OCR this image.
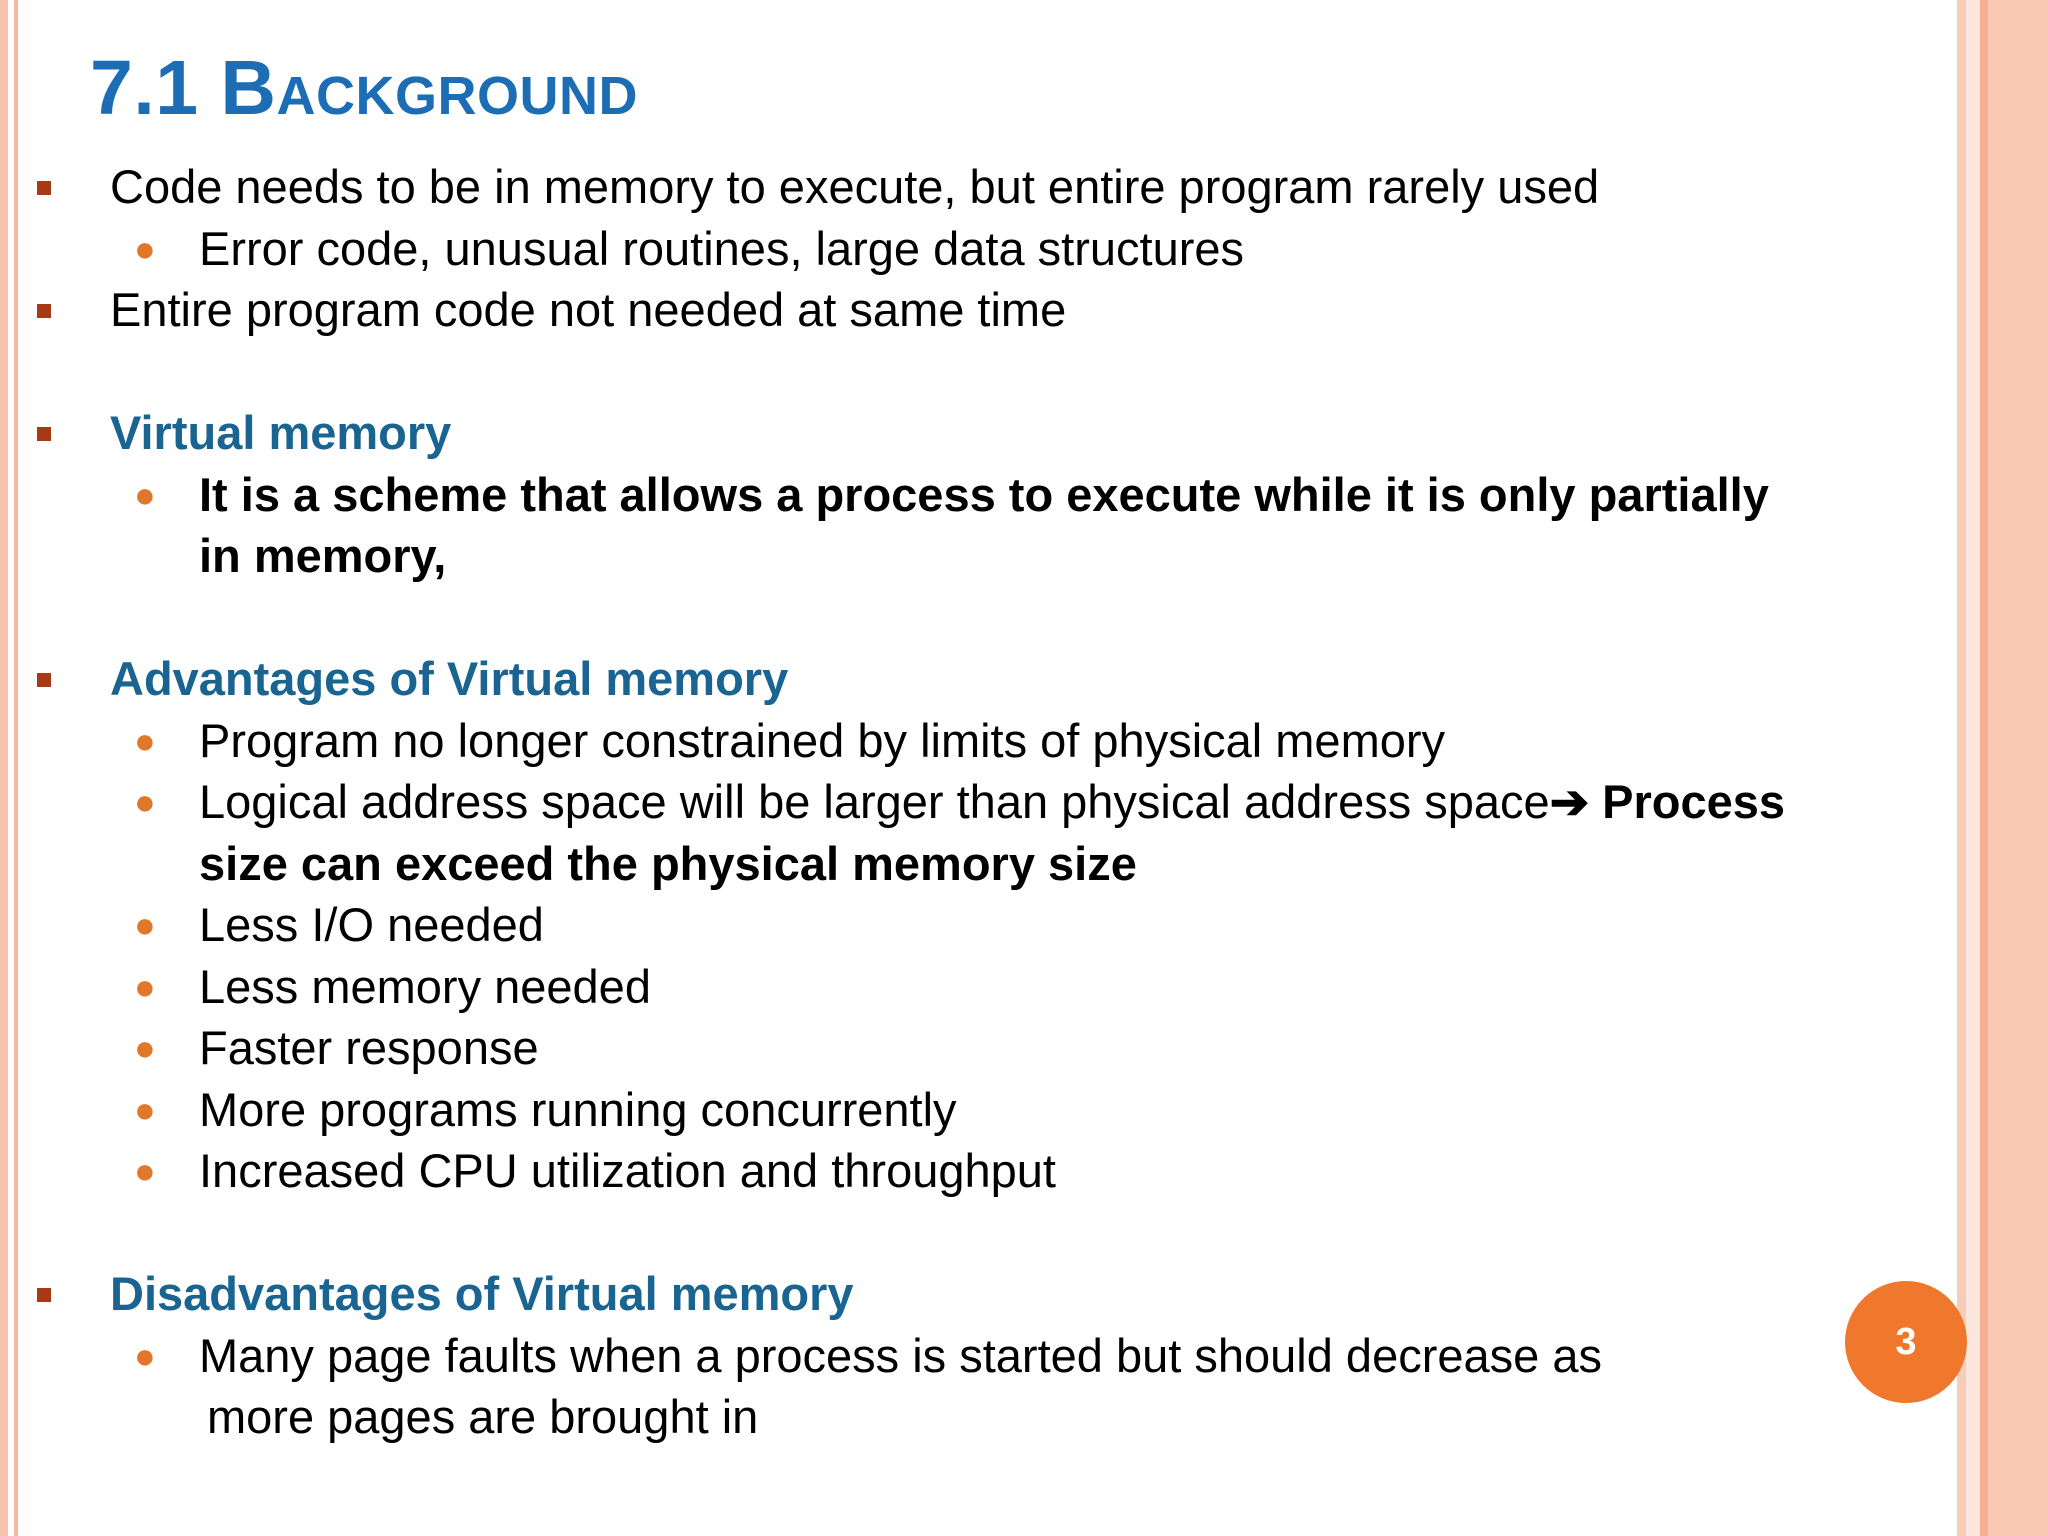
7.1 Background
Code needs to be in memory to execute, but entire program rarely used
● Error code, unusual routines, large data structures
Entire program code not needed at same time
Virtual memory
● It is a scheme that allows a process to execute while it is only partially
in memory,
Advantages of Virtual memory
● Program no longer constrained by limits of physical memory
● Logical address space will be larger than physical address space➔ Process
size can exceed the physical memory size
● Less I/O needed
● Less memory needed
● Faster response
● More programs running concurrently
● Increased CPU utilization and throughput
Disadvantages of Virtual memory
● Many page faults when a process is started but should decrease as
more pages are brought in
3
